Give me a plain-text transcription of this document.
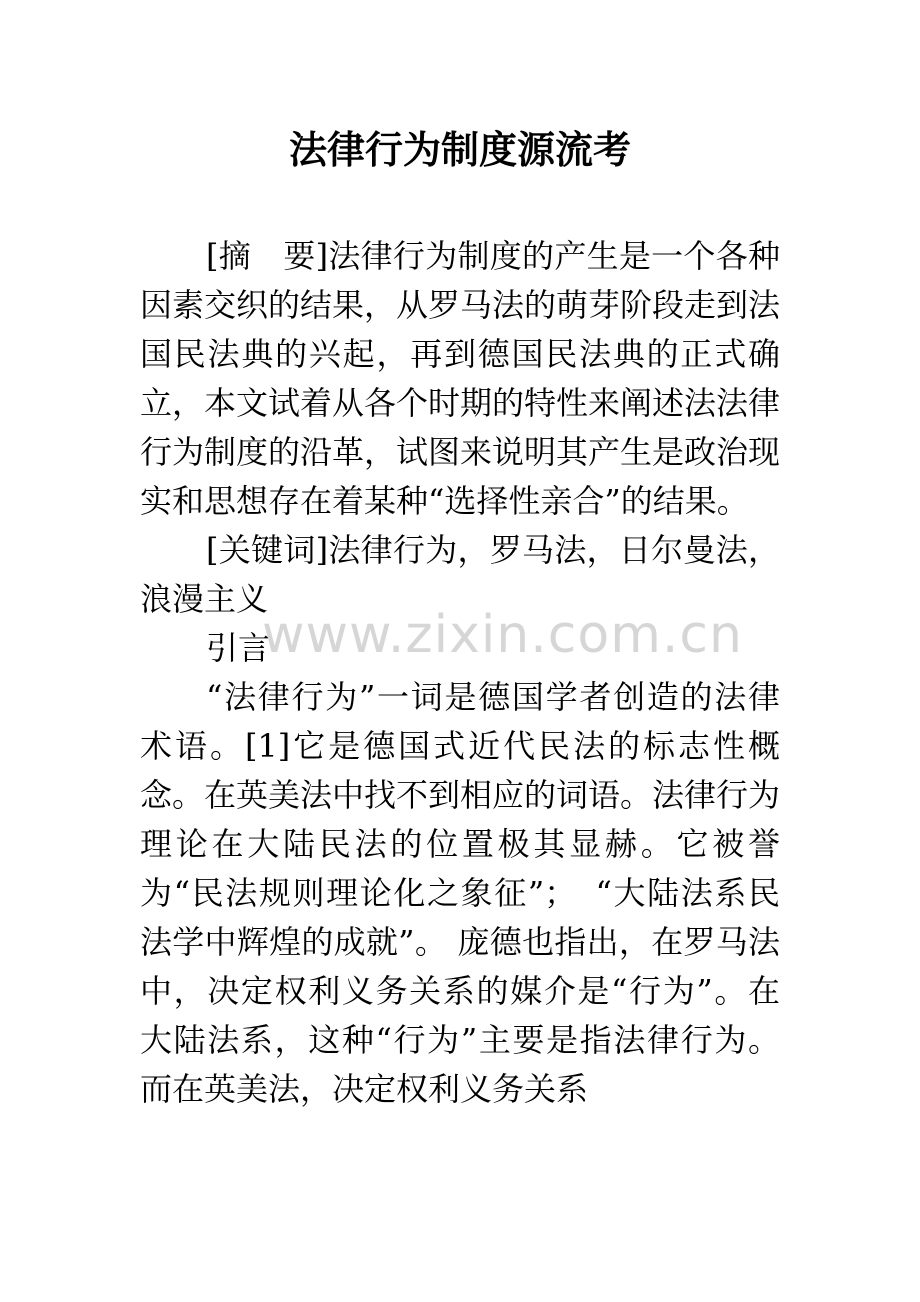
法律行为制度源流考

[摘　要]法律行为制度的产生是一个各种因素交织的结果，从罗马法的萌芽阶段走到法国民法典的兴起，再到德国民法典的正式确立，本文试着从各个时期的特性来阐述法法律行为制度的沿革，试图来说明其产生是政治现实和思想存在着某种“选择性亲合”的结果。

[关键词]法律行为，罗马法，日尔曼法，浪漫主义

引言

“法律行为”一词是德国学者创造的法律术语。[1]它是德国式近代民法的标志性概念。在英美法中找不到相应的词语。法律行为理论在大陆民法的位置极其显赫。它被誉为“民法规则理论化之象征”；　“大陆法系民法学中辉煌的成就”。 庞德也指出，在罗马法中，决定权利义务关系的媒介是“行为”。在大陆法系，这种“行为”主要是指法律行为。而在英美法，决定权利义务关系

www.zixin.com.cn
